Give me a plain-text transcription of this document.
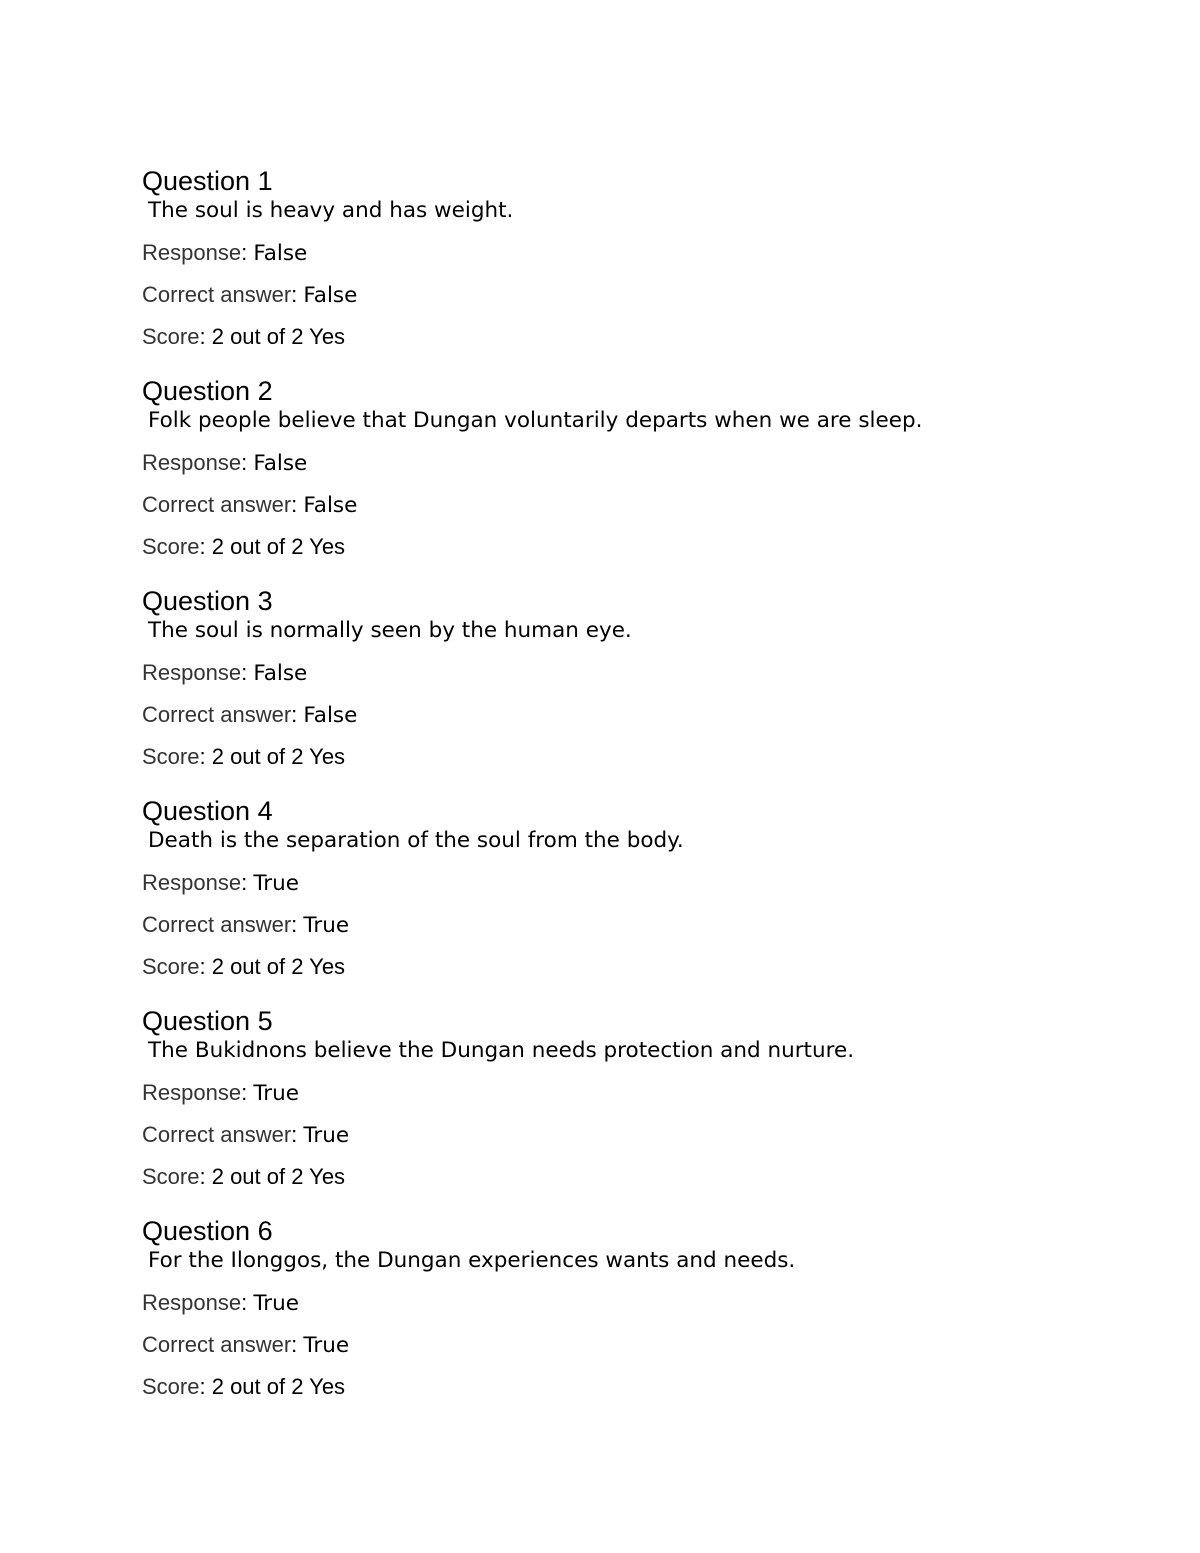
Question 1
The soul is heavy and has weight.
Response: False
Correct answer: False
Score: 2 out of 2 Yes
Question 2
Folk people believe that Dungan voluntarily departs when we are sleep.
Response: False
Correct answer: False
Score: 2 out of 2 Yes
Question 3
The soul is normally seen by the human eye.
Response: False
Correct answer: False
Score: 2 out of 2 Yes
Question 4
Death is the separation of the soul from the body.
Response: True
Correct answer: True
Score: 2 out of 2 Yes
Question 5
The Bukidnons believe the Dungan needs protection and nurture.
Response: True
Correct answer: True
Score: 2 out of 2 Yes
Question 6
For the Ilonggos, the Dungan experiences wants and needs.
Response: True
Correct answer: True
Score: 2 out of 2 Yes
